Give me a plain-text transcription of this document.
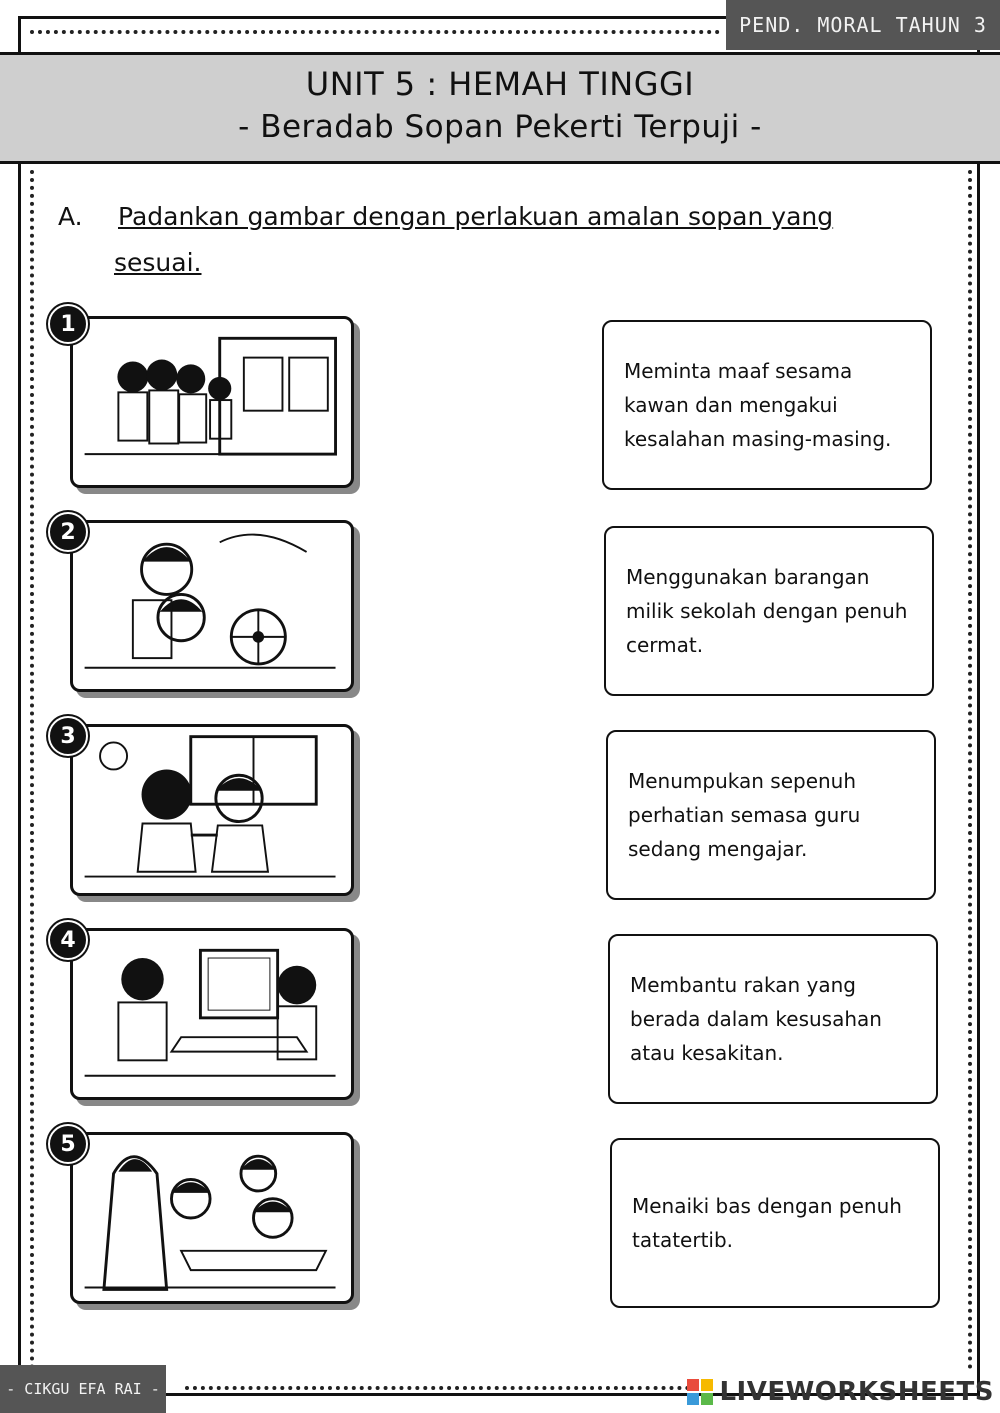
PEND. MORAL TAHUN 3
UNIT 5 : HEMAH TINGGI
- Beradab Sopan Pekerti Terpuji -
A. Padankan gambar dengan perlakuan amalan sopan yang
sesuai.
1
2
3
4
5
Meminta maaf sesama kawan dan mengakui kesalahan masing-masing.
Menggunakan barangan milik sekolah dengan penuh cermat.
Menumpukan sepenuh perhatian semasa guru sedang mengajar.
Membantu rakan yang berada dalam kesusahan atau kesakitan.
Menaiki bas dengan penuh tatatertib.
- CIKGU EFA RAI -	LIVEWORKSHEETS
